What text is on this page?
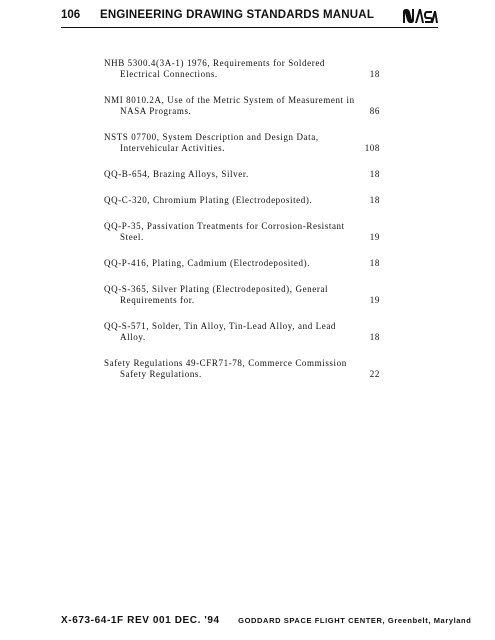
106 ENGINEERING DRAWING STANDARDS MANUAL
NHB 5300.4(3A-1) 1976, Requirements for Soldered
Electrical Connections.	18
NMI 8010.2A, Use of the Metric System of Measurement in
NASA Programs.	86
NSTS 07700, System Description and Design Data,
Intervehicular Activities.	108
QQ-B-654, Brazing Alloys, Silver.	18
QQ-C-320, Chromium Plating (Electrodeposited).	18
QQ-P-35, Passivation Treatments for Corrosion-Resistant
Steel.	19
QQ-P-416, Plating, Cadmium (Electrodeposited).	18
QQ-S-365, Silver Plating (Electrodeposited), General
Requirements for.	19
QQ-S-571, Solder, Tin Alloy, Tin-Lead Alloy, and Lead
Alloy.	18
Safety Regulations 49-CFR71-78, Commerce Commission
Safety Regulations.	22
X-673-64-1F REV 001 DEC. '94 GODDARD SPACE FLIGHT CENTER, Greenbelt, Maryland
